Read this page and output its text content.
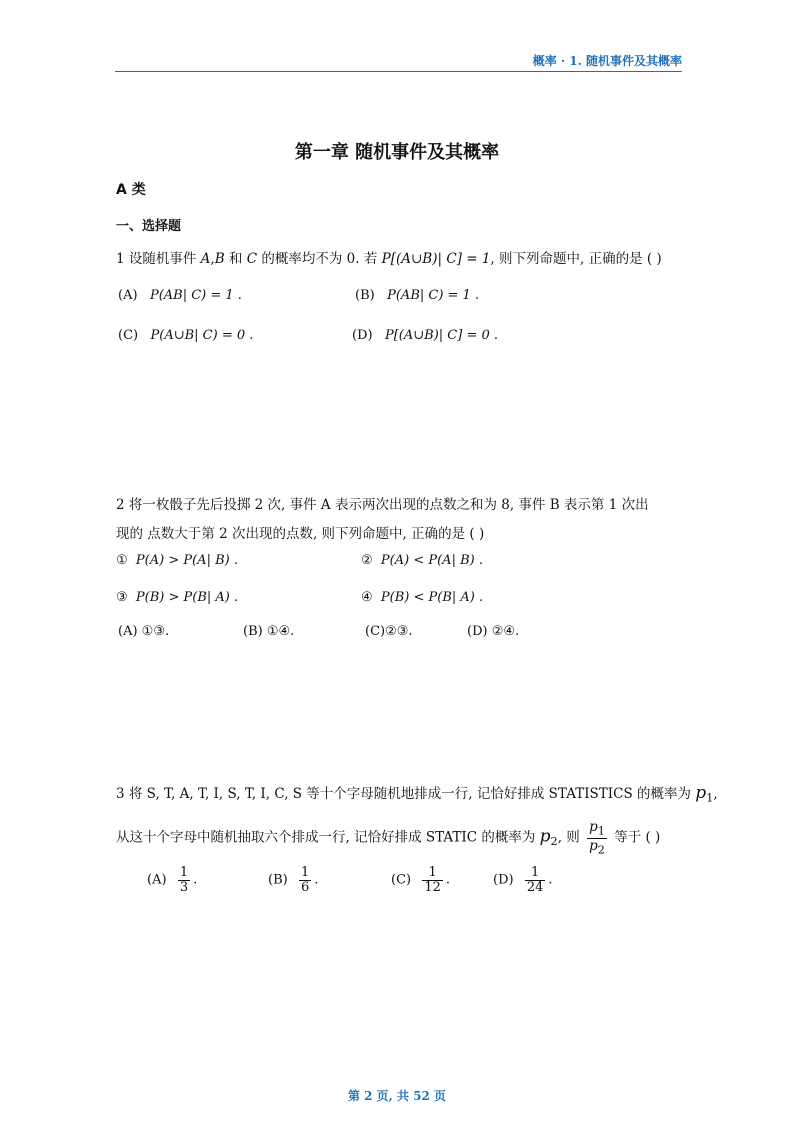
概率 · 1. 随机事件及其概率
第一章 随机事件及其概率
A 类
一、选择题
1 设随机事件 A,B 和 C 的概率均不为 0. 若 P[(A∪B)| C] = 1, 则下列命题中, 正确的是 ( )
(A) P(AB| C) = 1 .	(B) P(AB| C) = 1 .
(C) P(A∪B| C) = 0 .	(D) P[(A∪B)| C] = 0 .
2 将一枚骰子先后投掷 2 次, 事件 A 表示两次出现的点数之和为 8, 事件 B 表示第 1 次出
现的 点数大于第 2 次出现的点数, 则下列命题中, 正确的是 ( )
① P(A) > P(A| B) .	② P(A) < P(A| B) .
③ P(B) > P(B| A) .	④ P(B) < P(B| A) .
(A) ①③.	(B) ①④.	(C)②③.	(D) ②④.
3 将 S, T, A, T, I, S, T, I, C, S 等十个字母随机地排成一行, 记恰好排成 STATISTICS 的概率为 $p_1$,
从这十个字母中随机抽取六个排成一行, 记恰好排成 STATIC 的概率为 $p_2$, 则 $\frac{p_1}{p_2}$ 等于 ( )
$(A) \frac{1}{3}$ .	$(B) \frac{1}{6}$ .	$(C) \frac{1}{12}$ .	$(D) \frac{1}{24}$ .
第 2 页, 共 52 页
